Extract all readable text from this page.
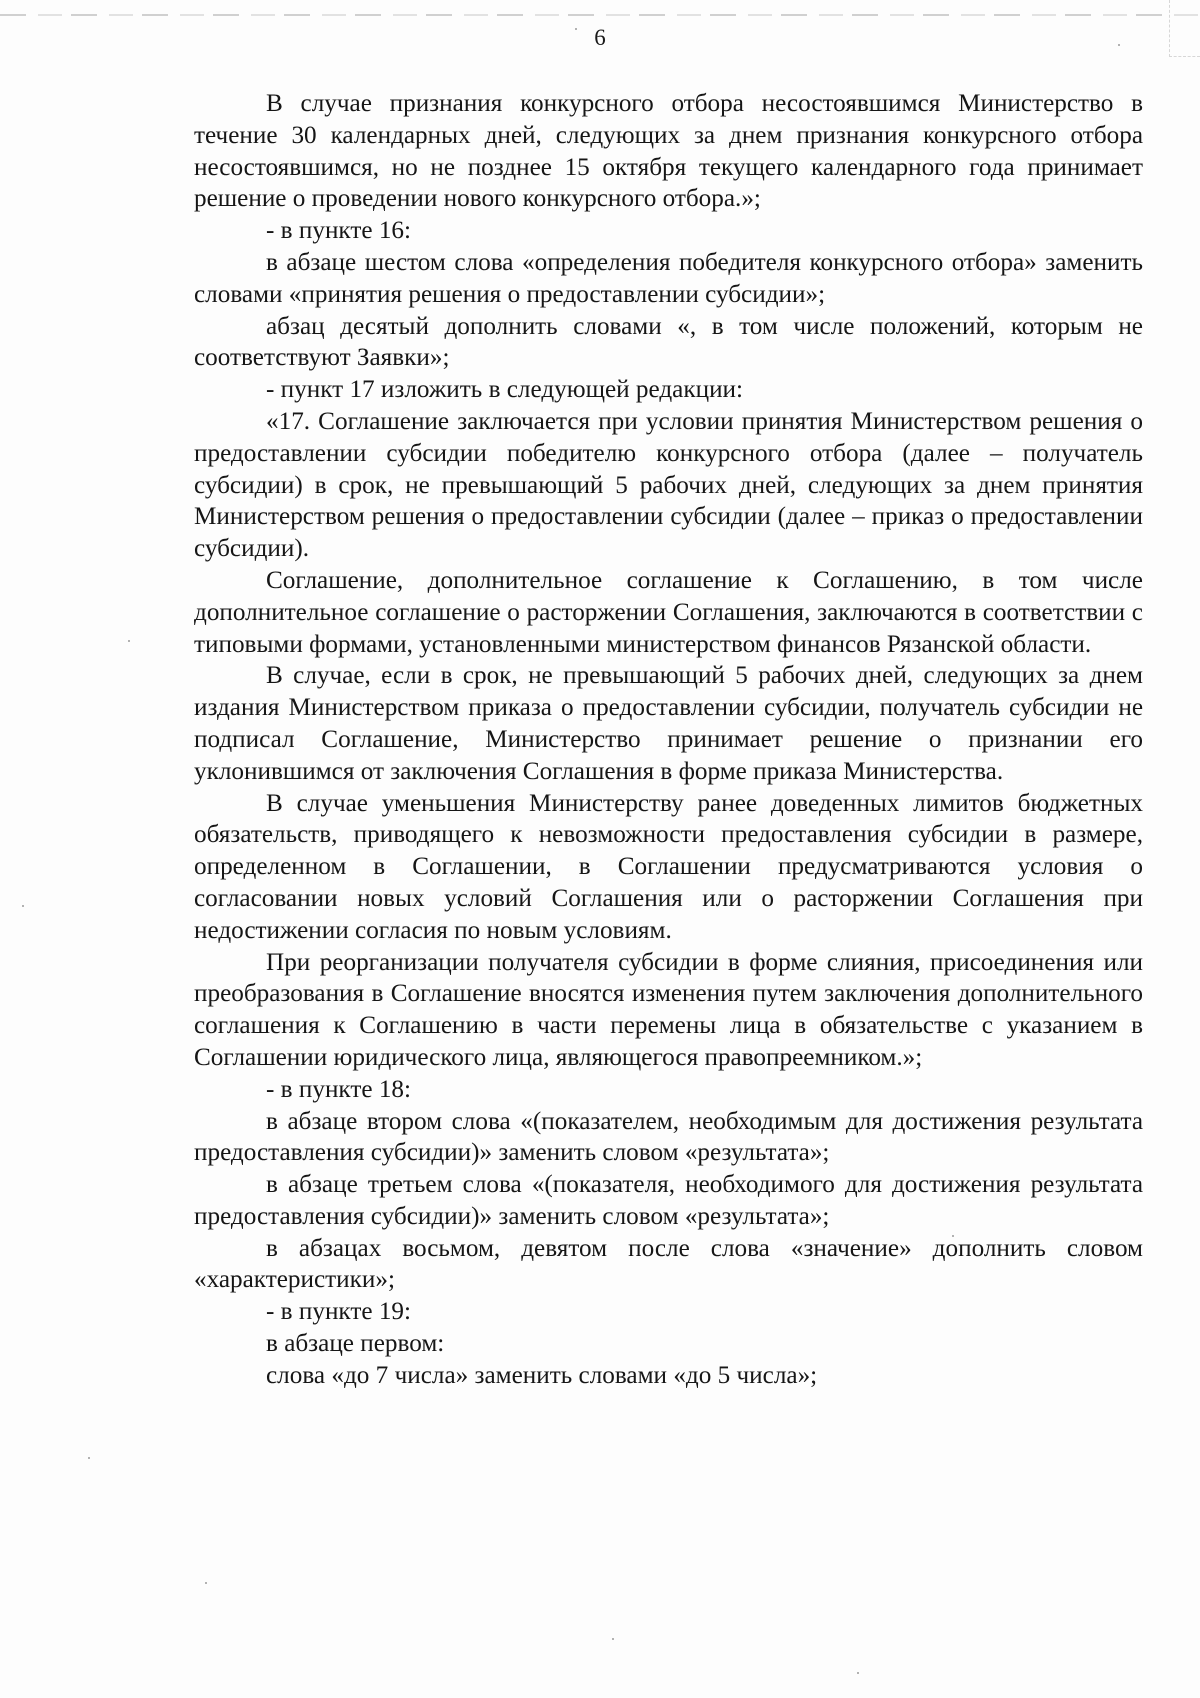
6

В случае признания конкурсного отбора несостоявшимся Министерство в течение 30 календарных дней, следующих за днем признания конкурсного отбора несостоявшимся, но не позднее 15 октября текущего календарного года принимает решение о проведении нового конкурсного отбора.»;

- в пункте 16:

в абзаце шестом слова «определения победителя конкурсного отбора» заменить словами «принятия решения о предоставлении субсидии»;

абзац десятый дополнить словами «, в том числе положений, которым не соответствуют Заявки»;

- пункт 17 изложить в следующей редакции:

«17. Соглашение заключается при условии принятия Министерством решения о предоставлении субсидии победителю конкурсного отбора (далее – получатель субсидии) в срок, не превышающий 5 рабочих дней, следующих за днем принятия Министерством решения о предоставлении субсидии (далее – приказ о предоставлении субсидии).

Соглашение, дополнительное соглашение к Соглашению, в том числе дополнительное соглашение о расторжении Соглашения, заключаются в соответствии с типовыми формами, установленными министерством финансов Рязанской области.

В случае, если в срок, не превышающий 5 рабочих дней, следующих за днем издания Министерством приказа о предоставлении субсидии, получатель субсидии не подписал Соглашение, Министерство принимает решение о признании его уклонившимся от заключения Соглашения в форме приказа Министерства.

В случае уменьшения Министерству ранее доведенных лимитов бюджетных обязательств, приводящего к невозможности предоставления субсидии в размере, определенном в Соглашении, в Соглашении предусматриваются условия о согласовании новых условий Соглашения или о расторжении Соглашения при недостижении согласия по новым условиям.

При реорганизации получателя субсидии в форме слияния, присоединения или преобразования в Соглашение вносятся изменения путем заключения дополнительного соглашения к Соглашению в части перемены лица в обязательстве с указанием в Соглашении юридического лица, являющегося правопреемником.»;

- в пункте 18:

в абзаце втором слова «(показателем, необходимым для достижения результата предоставления субсидии)» заменить словом «результата»;

в абзаце третьем слова «(показателя, необходимого для достижения результата предоставления субсидии)» заменить словом «результата»;

в абзацах восьмом, девятом после слова «значение» дополнить словом «характеристики»;

- в пункте 19:

в абзаце первом:

слова «до 7 числа» заменить словами «до 5 числа»;
